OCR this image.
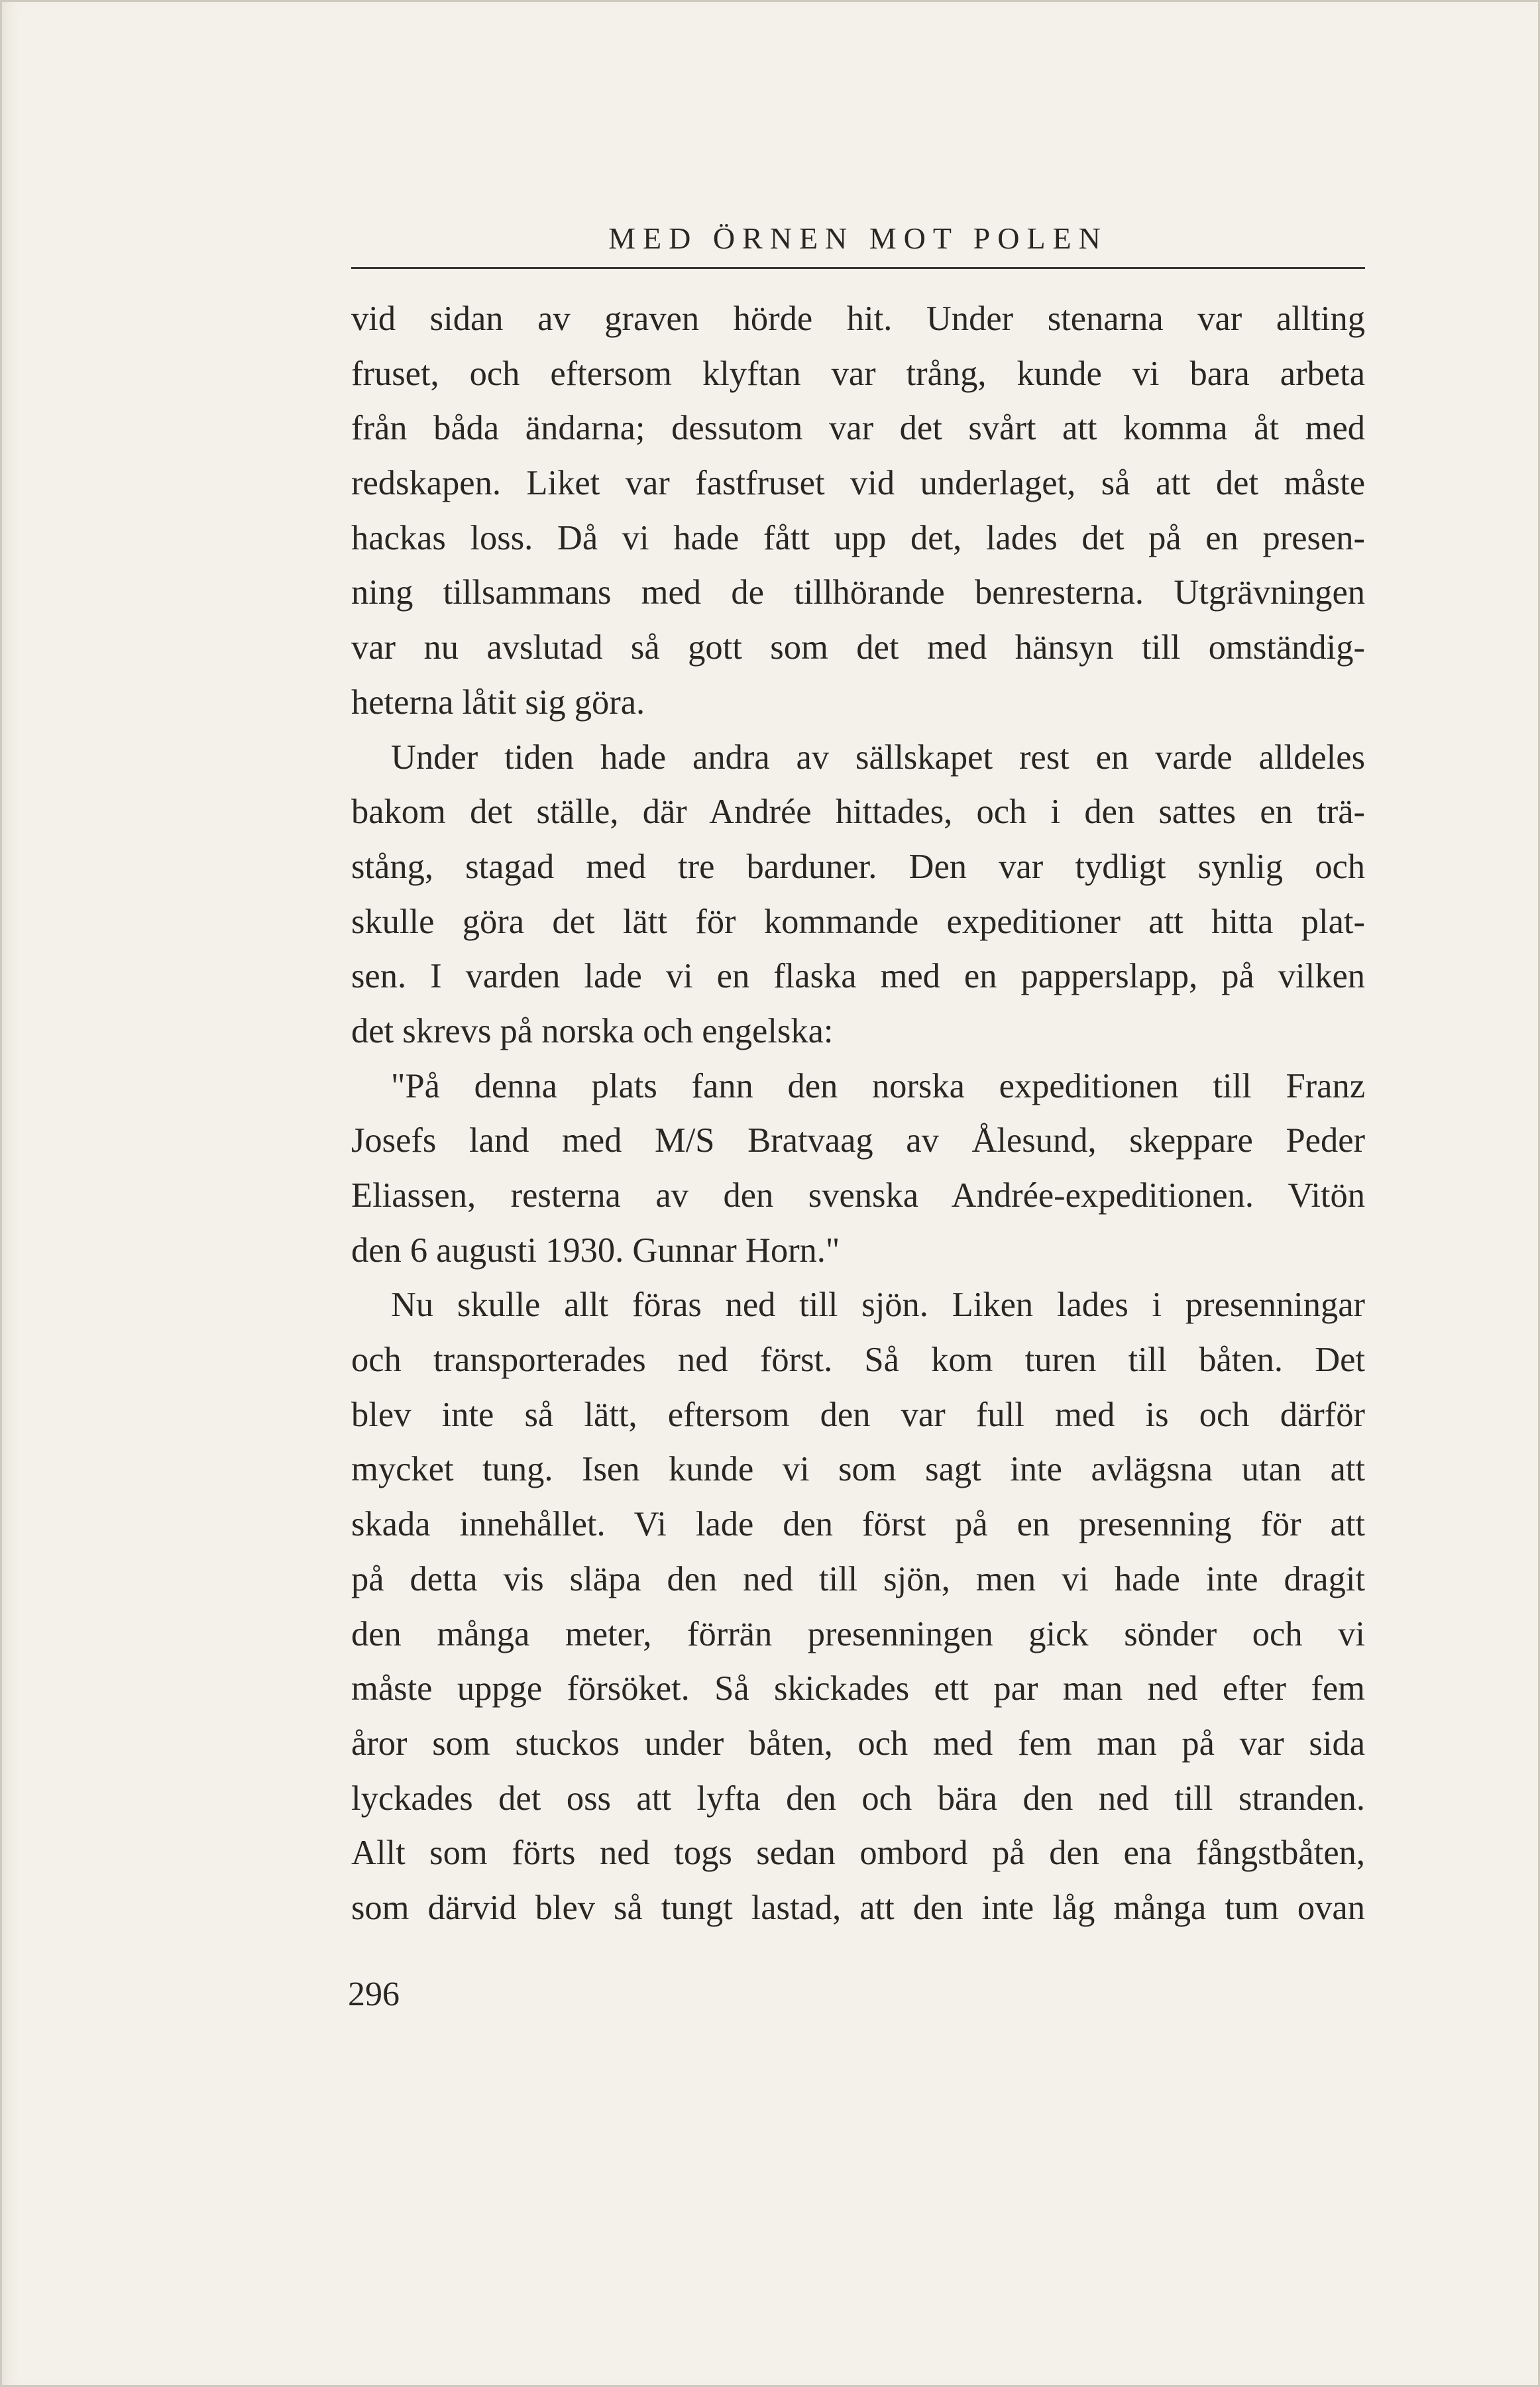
MED ÖRNEN MOT POLEN
vid sidan av graven hörde hit. Under stenarna var allting
fruset, och eftersom klyftan var trång, kunde vi bara arbeta
från båda ändarna; dessutom var det svårt att komma åt med
redskapen. Liket var fastfruset vid underlaget, så att det måste
hackas loss. Då vi hade fått upp det, lades det på en presen-
ning tillsammans med de tillhörande benresterna. Utgrävningen
var nu avslutad så gott som det med hänsyn till omständig-
heterna låtit sig göra.
Under tiden hade andra av sällskapet rest en varde alldeles
bakom det ställe, där Andrée hittades, och i den sattes en trä-
stång, stagad med tre barduner. Den var tydligt synlig och
skulle göra det lätt för kommande expeditioner att hitta plat-
sen. I varden lade vi en flaska med en papperslapp, på vilken
det skrevs på norska och engelska:
"På denna plats fann den norska expeditionen till Franz
Josefs land med M/S Bratvaag av Ålesund, skeppare Peder
Eliassen, resterna av den svenska Andrée-expeditionen. Vitön
den 6 augusti 1930. Gunnar Horn."
Nu skulle allt föras ned till sjön. Liken lades i presenningar
och transporterades ned först. Så kom turen till båten. Det
blev inte så lätt, eftersom den var full med is och därför
mycket tung. Isen kunde vi som sagt inte avlägsna utan att
skada innehållet. Vi lade den först på en presenning för att
på detta vis släpa den ned till sjön, men vi hade inte dragit
den många meter, förrän presenningen gick sönder och vi
måste uppge försöket. Så skickades ett par man ned efter fem
åror som stuckos under båten, och med fem man på var sida
lyckades det oss att lyfta den och bära den ned till stranden.
Allt som förts ned togs sedan ombord på den ena fångstbåten,
som därvid blev så tungt lastad, att den inte låg många tum ovan
296
